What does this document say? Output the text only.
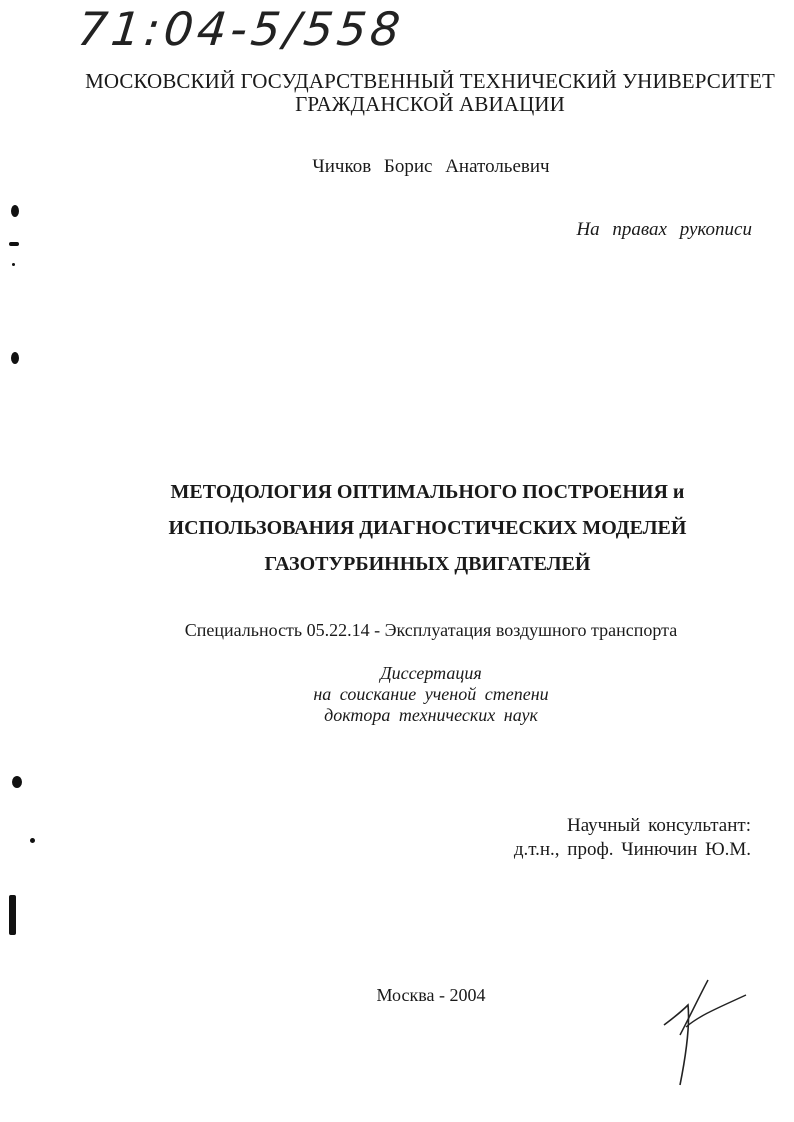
71:04-5/558
МОСКОВСКИЙ ГОСУДАРСТВЕННЫЙ ТЕХНИЧЕСКИЙ УНИВЕРСИТЕТ
ГРАЖДАНСКОЙ АВИАЦИИ
Чичков Борис Анатольевич
На правах рукописи
МЕТОДОЛОГИЯ ОПТИМАЛЬНОГО ПОСТРОЕНИЯ и
ИСПОЛЬЗОВАНИЯ ДИАГНОСТИЧЕСКИХ МОДЕЛЕЙ
ГАЗОТУРБИННЫХ ДВИГАТЕЛЕЙ
Специальность 05.22.14 - Эксплуатация воздушного транспорта
Диссертация
на соискание ученой степени
доктора технических наук
Научный консультант:
д.т.н., проф. Чинючин Ю.М.
Москва - 2004
